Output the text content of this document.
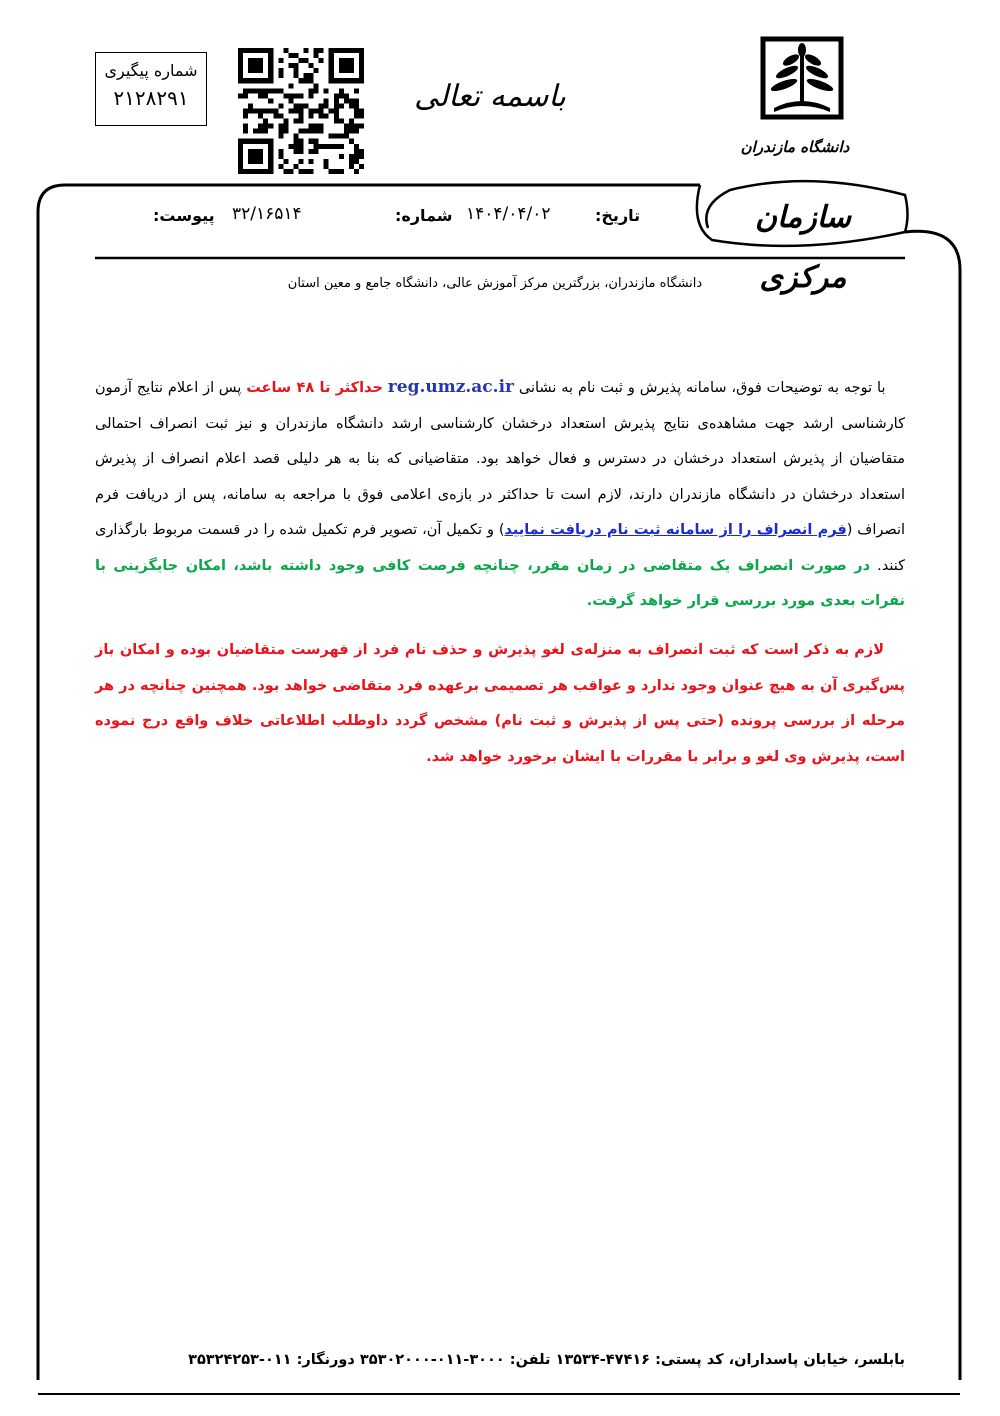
شماره پیگیری
۲۱۲۸۲۹۱	باسمه تعالی
دانشگاه مازندران
سازمان مرکزی
تاریخ:
۱۴۰۴/۰۴/۰۲
شماره:
۳۲/۱۶۵۱۴
پیوست:
دانشگاه مازندران، بزرگترین مرکز آموزش عالی، دانشگاه جامع و معین استان
با توجه به توضیحات فوق، سامانه پذیرش و ثبت نام به نشانی reg.umz.ac.ir حداکثر تا ۴۸ ساعت پس از اعلام نتایج آزمون کارشناسی ارشد جهت مشاهده‌ی نتایج پذیرش استعداد درخشان کارشناسی ارشد دانشگاه مازندران و نیز ثبت انصراف احتمالی متقاضیان از پذیرش استعداد درخشان در دسترس و فعال خواهد بود. متقاضیانی که بنا به هر دلیلی قصد اعلام انصراف از پذیرش استعداد درخشان در دانشگاه مازندران دارند، لازم است تا حداکثر در بازه‌ی اعلامی فوق با مراجعه به سامانه، پس از دریافت فرم انصراف (فرم انصراف را از سامانه ثبت نام دریافت نمایید) و تکمیل آن، تصویر فرم تکمیل شده را در قسمت مربوط بارگذاری کنند. در صورت انصراف یک متقاضی در زمان مقرر، چنانچه فرصت کافی وجود داشته باشد، امکان جایگزینی با نفرات بعدی مورد بررسی قرار خواهد گرفت.
لازم به ذکر است که ثبت انصراف به منزله‌ی لغو پذیرش و حذف نام فرد از فهرست متقاضیان بوده و امکان باز پس‌گیری آن به هیچ عنوان وجود ندارد و عواقب هر تصمیمی برعهده فرد متقاضی خواهد بود. همچنین چنانچه در هر مرحله از بررسی پرونده (حتی پس از پذیرش و ثبت نام) مشخص گردد داوطلب اطلاعاتی خلاف واقع درج نموده است، پذیرش وی لغو و برابر با مقررات با ایشان برخورد خواهد شد.
بابلسر، خیابان پاسداران، کد پستی: ۴۷۴۱۶-۱۳۵۳۴ تلفن: ۳۰۰۰-۰۱۱-۳۵۳۰۲۰۰۰ دورنگار: ۰۱۱-۳۵۳۲۴۲۵۳
